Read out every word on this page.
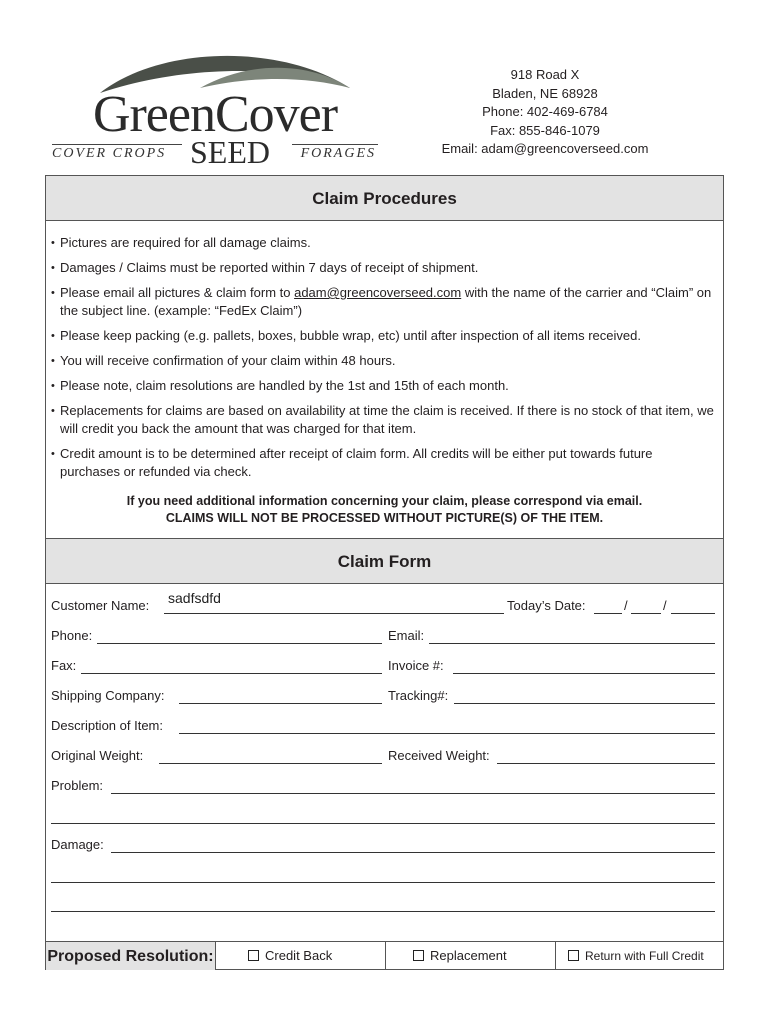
GreenCover
COVER CROPS SEED FORAGES
918 Road X
Bladen, NE 68928
Phone: 402-469-6784
Fax: 855-846-1079
Email: adam@greencoverseed.com
Claim Procedures
• Pictures are required for all damage claims.
• Damages / Claims must be reported within 7 days of receipt of shipment.
• Please email all pictures & claim form to adam@greencoverseed.com with the name of the carrier and “Claim” on the subject line. (example: “FedEx Claim”)
• Please keep packing (e.g. pallets, boxes, bubble wrap, etc) until after inspection of all items received.
• You will receive confirmation of your claim within 48 hours.
• Please note, claim resolutions are handled by the 1st and 15th of each month.
• Replacements for claims are based on availability at time the claim is received. If there is no stock of that item, we will credit you back the amount that was charged for that item.
• Credit amount is to be determined after receipt of claim form. All credits will be either put towards future purchases or refunded via check.
If you need additional information concerning your claim, please correspond via email.
CLAIMS WILL NOT BE PROCESSED WITHOUT PICTURE(S) OF THE ITEM.
Claim Form
Customer Name: sadfsdfd	Today’s Date:	/	/
Phone:	Email:
Fax:	Invoice #:
Shipping Company:	Tracking#:
Description of Item:
Original Weight:	Received Weight:
Problem:
Damage:
Proposed Resolution:	Credit Back	Replacement	Return with Full Credit
